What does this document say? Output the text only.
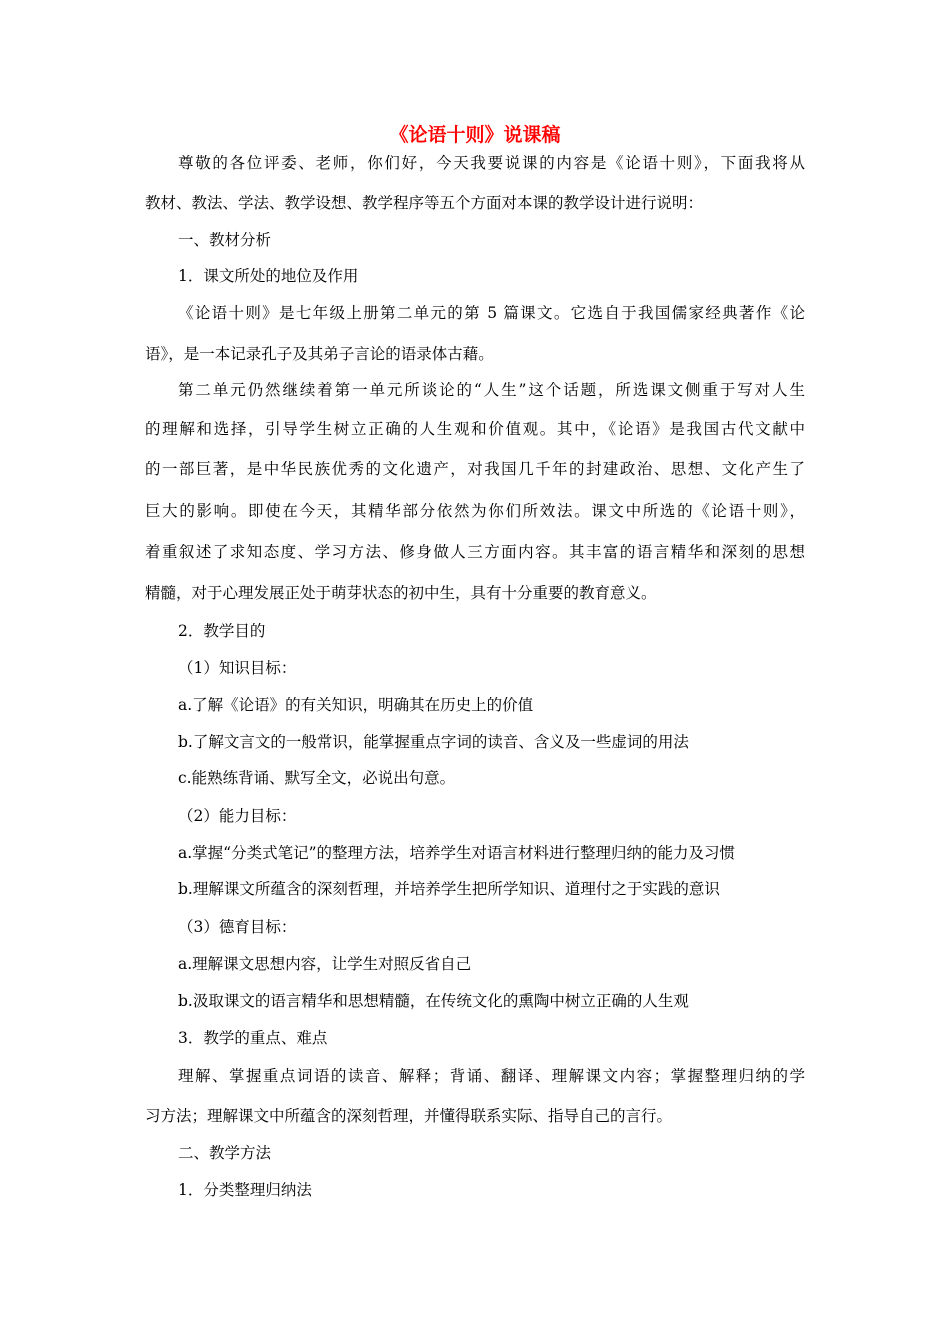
《论语十则》说课稿
尊敬的各位评委、老师，你们好，今天我要说课的内容是《论语十则》，下面我将从
教材、教法、学法、教学设想、教学程序等五个方面对本课的教学设计进行说明：
一、教材分析
1．课文所处的地位及作用
《论语十则》是七年级上册第二单元的第 5 篇课文。它选自于我国儒家经典著作《论
语》，是一本记录孔子及其弟子言论的语录体古藉。
第二单元仍然继续着第一单元所谈论的“人生”这个话题，所选课文侧重于写对人生
的理解和选择，引导学生树立正确的人生观和价值观。其中，《论语》是我国古代文献中
的一部巨著，是中华民族优秀的文化遗产，对我国几千年的封建政治、思想、文化产生了
巨大的影响。即使在今天，其精华部分依然为你们所效法。课文中所选的《论语十则》，
着重叙述了求知态度、学习方法、修身做人三方面内容。其丰富的语言精华和深刻的思想
精髓，对于心理发展正处于萌芽状态的初中生，具有十分重要的教育意义。
2．教学目的
（1）知识目标：
a.了解《论语》的有关知识，明确其在历史上的价值
b.了解文言文的一般常识，能掌握重点字词的读音、含义及一些虚词的用法
c.能熟练背诵、默写全文，必说出句意。
（2）能力目标：
a.掌握“分类式笔记”的整理方法，培养学生对语言材料进行整理归纳的能力及习惯
b.理解课文所蕴含的深刻哲理，并培养学生把所学知识、道理付之于实践的意识
（3）德育目标：
a.理解课文思想内容，让学生对照反省自己
b.汲取课文的语言精华和思想精髓，在传统文化的熏陶中树立正确的人生观
3．教学的重点、难点
理解、掌握重点词语的读音、解释；背诵、翻译、理解课文内容；掌握整理归纳的学
习方法；理解课文中所蕴含的深刻哲理，并懂得联系实际、指导自己的言行。
二、教学方法
1．分类整理归纳法
